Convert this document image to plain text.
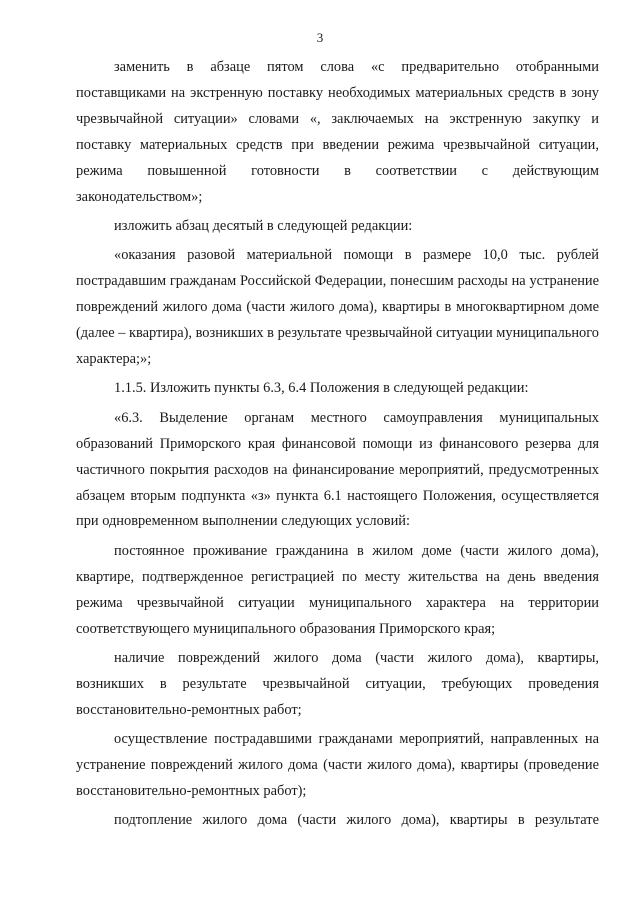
3

заменить в абзаце пятом слова «с предварительно отобранными поставщиками на экстренную поставку необходимых материальных средств в зону чрезвычайной ситуации» словами «, заключаемых на экстренную закупку и поставку материальных средств при введении режима чрезвычайной ситуации, режима повышенной готовности в соответствии с действующим законодательством»;

изложить абзац десятый в следующей редакции:

«оказания разовой материальной помощи в размере 10,0 тыс. рублей пострадавшим гражданам Российской Федерации, понесшим расходы на устранение повреждений жилого дома (части жилого дома), квартиры в многоквартирном доме (далее – квартира), возникших в результате чрезвычайной ситуации муниципального характера;»;

1.1.5. Изложить пункты 6.3, 6.4 Положения в следующей редакции:

«6.3. Выделение органам местного самоуправления муниципальных образований Приморского края финансовой помощи из финансового резерва для частичного покрытия расходов на финансирование мероприятий, предусмотренных абзацем вторым подпункта «з» пункта 6.1 настоящего Положения, осуществляется при одновременном выполнении следующих условий:

постоянное проживание гражданина в жилом доме (части жилого дома), квартире, подтвержденное регистрацией по месту жительства на день введения режима чрезвычайной ситуации муниципального характера на территории соответствующего муниципального образования Приморского края;

наличие повреждений жилого дома (части жилого дома), квартиры, возникших в результате чрезвычайной ситуации, требующих проведения восстановительно-ремонтных работ;

осуществление пострадавшими гражданами мероприятий, направленных на устранение повреждений жилого дома (части жилого дома), квартиры (проведение восстановительно-ремонтных работ);

подтопление жилого дома (части жилого дома), квартиры в результате
